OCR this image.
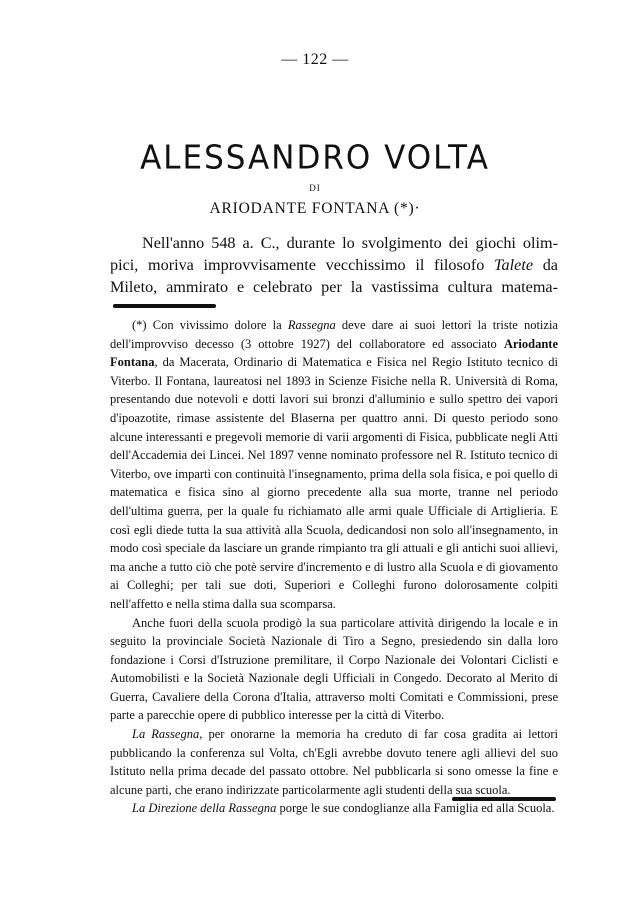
— 122 —
ALESSANDRO VOLTA
DI
ARIODANTE FONTANA (*)·
Nell'anno 548 a. C., durante lo svolgimento dei giochi olim-
pici, moriva improvvisamente vecchissimo il filosofo Talete da
Mileto, ammirato e celebrato per la vastissima cultura matema-

(*) Con vivissimo dolore la Rassegna deve dare ai suoi lettori la triste notizia dell'improvviso decesso (3 ottobre 1927) del collaboratore ed associato Ariodante Fontana, da Macerata, Ordinario di Matematica e Fisica nel Regio Istituto tecnico di Viterbo. Il Fontana, laureatosi nel 1893 in Scienze Fisiche nella R. Università di Roma, presentando due notevoli e dotti lavori sui bronzi d'alluminio e sullo spettro dei vapori d'ipoazotite, rimase assistente del Blaserna per quattro anni. Di questo periodo sono alcune interessanti e pregevoli memorie di varii argomenti di Fisica, pubblicate negli Atti dell'Accademia dei Lincei. Nel 1897 venne nominato professore nel R. Istituto tecnico di Viterbo, ove impartì con continuità l'insegnamento, prima della sola fisica, e poi quello di matematica e fisica sino al giorno precedente alla sua morte, tranne nel periodo dell'ultima guerra, per la quale fu richiamato alle armi quale Ufficiale di Artiglieria. E così egli diede tutta la sua attività alla Scuola, dedicandosi non solo all'insegnamento, in modo così speciale da lasciare un grande rimpianto tra gli attuali e gli antichi suoi allievi, ma anche a tutto ciò che potè servire d'incremento e di lustro alla Scuola e di giovamento ai Colleghi; per tali sue doti, Superiori e Colleghi furono dolorosamente colpiti nell'affetto e nella stima dalla sua scomparsa.

Anche fuori della scuola prodigò la sua particolare attività dirigendo la locale e in seguito la provinciale Società Nazionale di Tiro a Segno, presiedendo sin dalla loro fondazione i Corsi d'Istruzione premilitare, il Corpo Nazionale dei Volontari Ciclisti e Automobilisti e la Società Nazionale degli Ufficiali in Congedo. Decorato al Merito di Guerra, Cavaliere della Corona d'Italia, attraverso molti Comitati e Commissioni, prese parte a parecchie opere di pubblico interesse per la città di Viterbo.

La Rassegna, per onorarne la memoria ha creduto di far cosa gradita ai lettori pubblicando la conferenza sul Volta, ch'Egli avrebbe dovuto tenere agli allievi del suo Istituto nella prima decade del passato ottobre. Nel pubblicarla si sono omesse la fine e alcune parti, che erano indirizzate particolarmente agli studenti della sua scuola.

La Direzione della Rassegna porge le sue condoglianze alla Famiglia ed alla Scuola.
